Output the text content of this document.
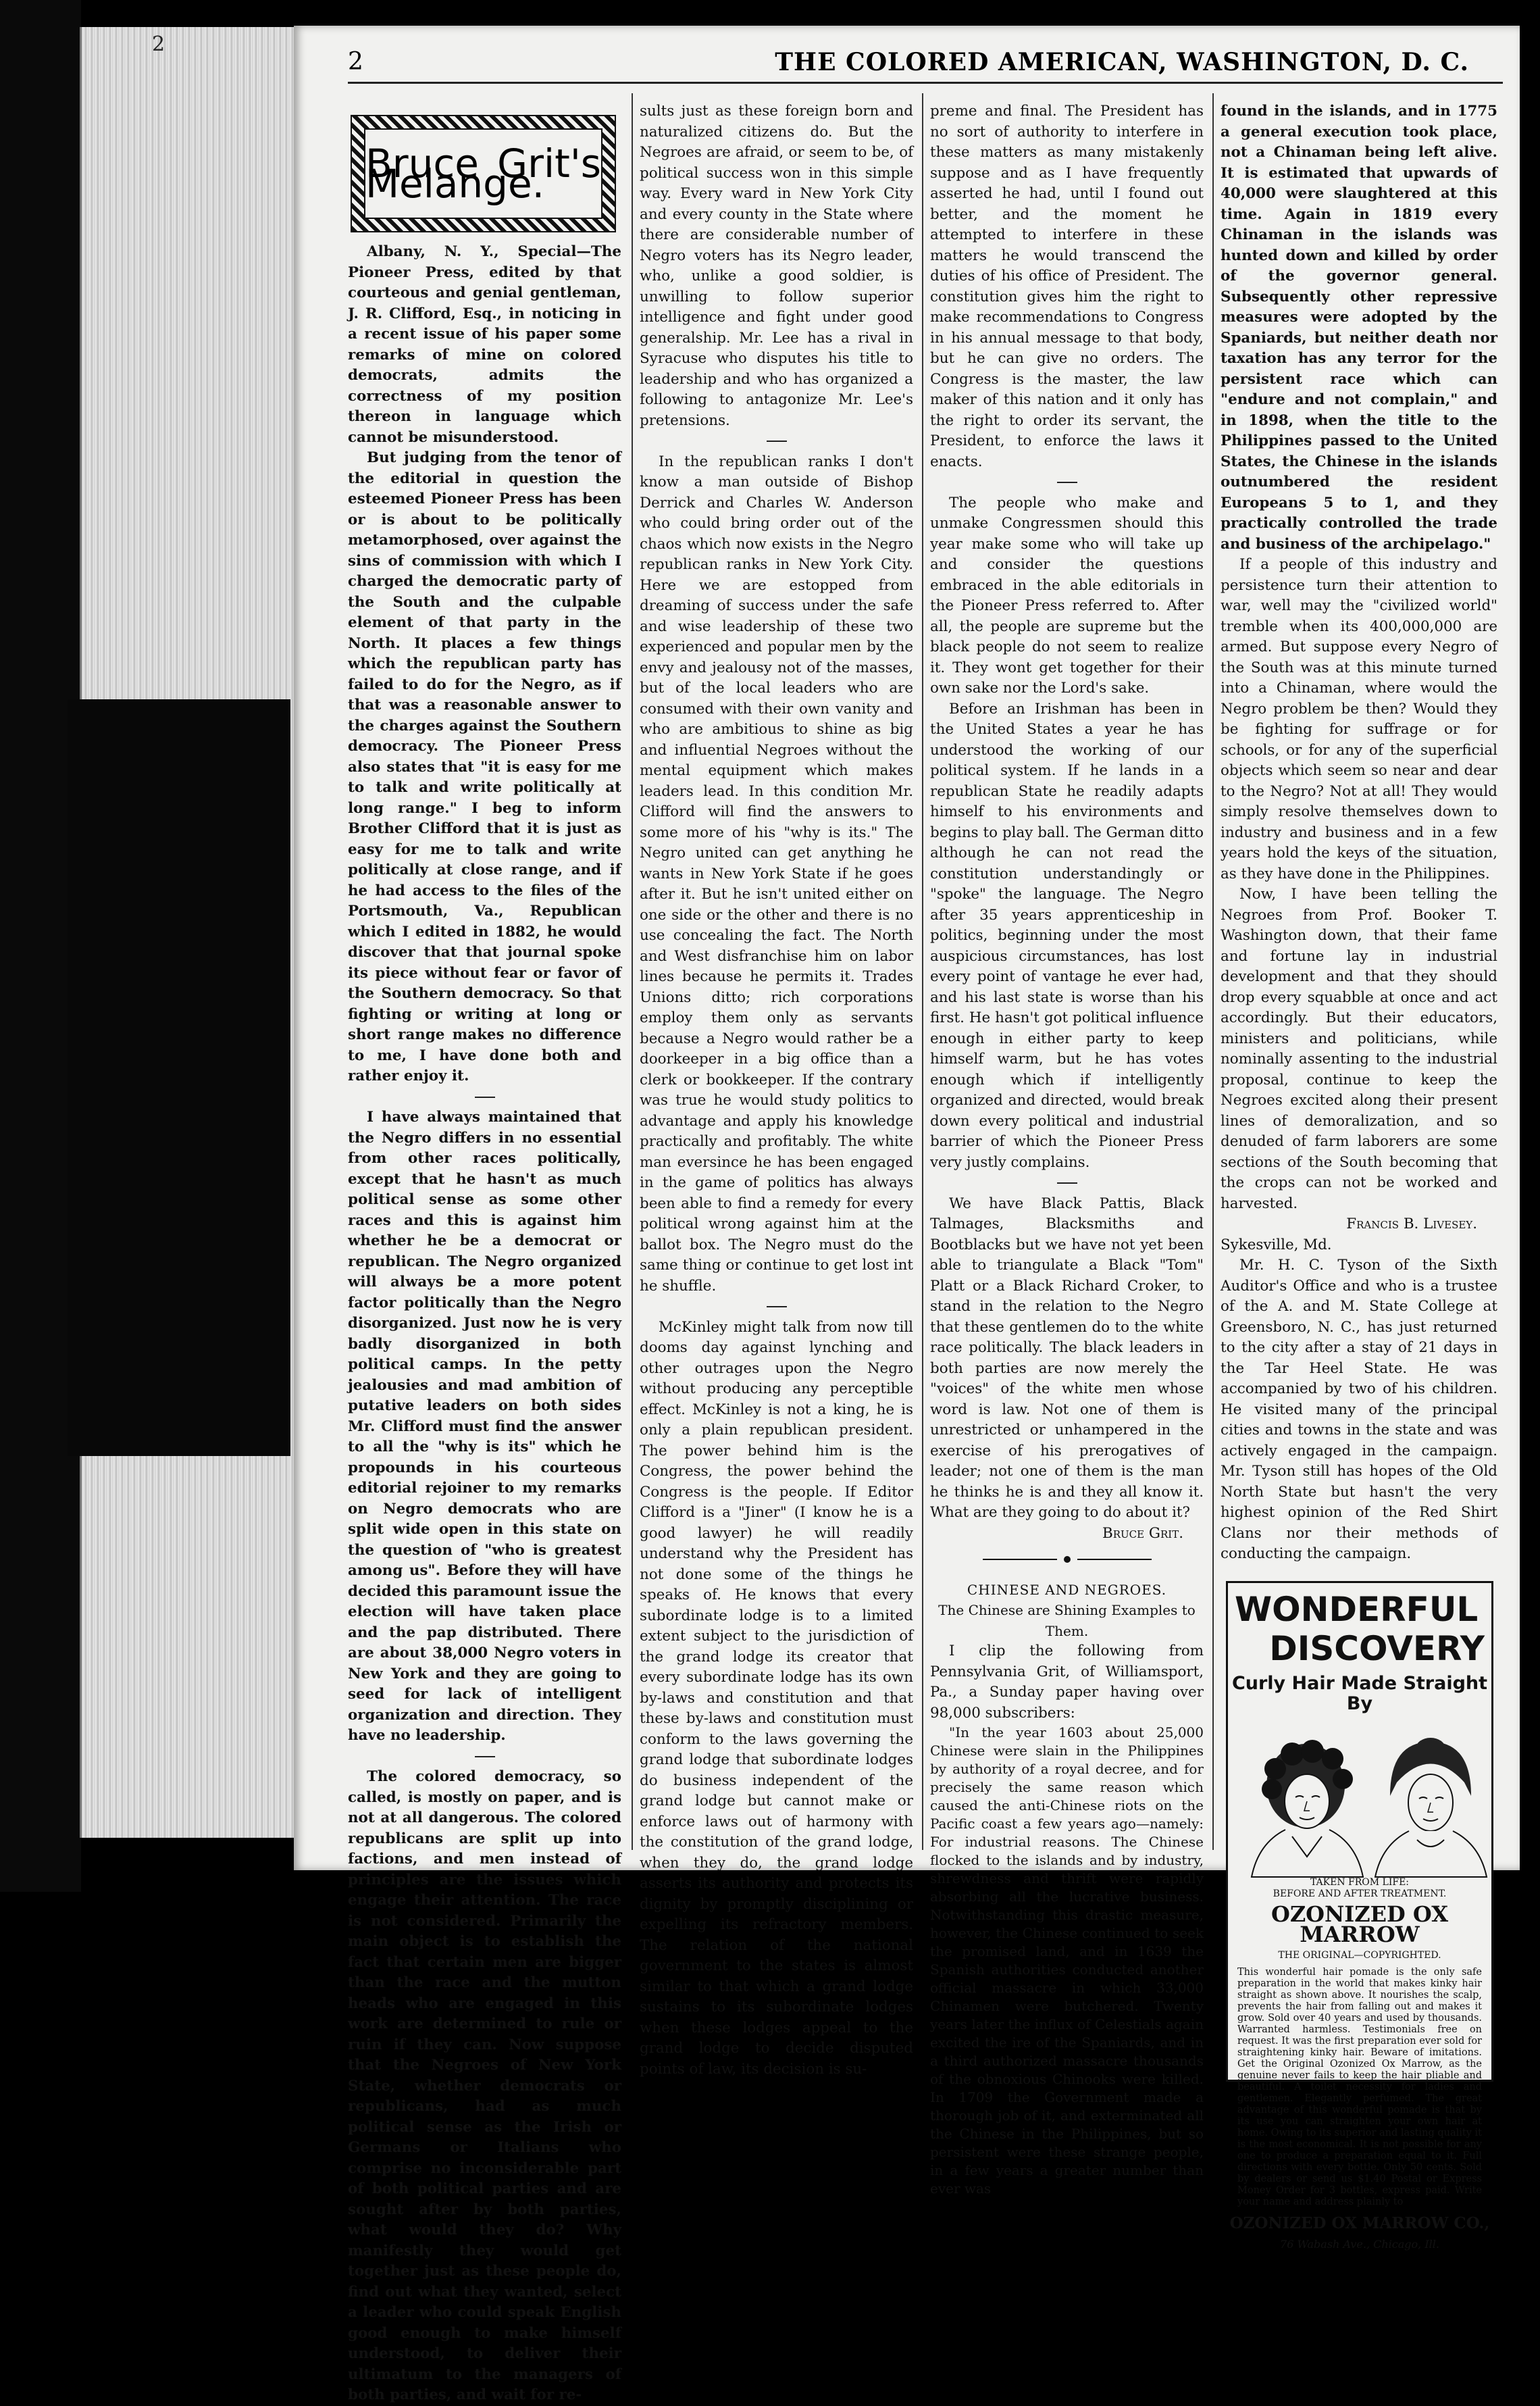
2
2	THE COLORED AMERICAN, WASHINGTON, D. C.
Bruce Grit's Melange.

Albany, N. Y., Special—The Pioneer Press, edited by that courteous and genial gentleman, J. R. Clifford, Esq., in noticing in a recent issue of his paper some remarks of mine on colored democrats, admits the correctness of my position thereon in language which cannot be misunderstood.

But judging from the tenor of the editorial in question the esteemed Pioneer Press has been or is about to be politically metamorphosed, over against the sins of commission with which I charged the democratic party of the South and the culpable element of that party in the North. It places a few things which the republican party has failed to do for the Negro, as if that was a reasonable answer to the charges against the Southern democracy. The Pioneer Press also states that "it is easy for me to talk and write politically at long range." I beg to inform Brother Clifford that it is just as easy for me to talk and write politically at close range, and if he had access to the files of the Portsmouth, Va., Republican which I edited in 1882, he would discover that that journal spoke its piece without fear or favor of the Southern democracy. So that fighting or writing at long or short range makes no difference to me, I have done both and rather enjoy it.

I have always maintained that the Negro differs in no essential from other races politically, except that he hasn't as much political sense as some other races and this is against him whether he be a democrat or republican. The Negro organized will always be a more potent factor politically than the Negro disorganized. Just now he is very badly disorganized in both political camps. In the petty jealousies and mad ambition of putative leaders on both sides Mr. Clifford must find the answer to all the "why is its" which he propounds in his courteous editorial rejoiner to my remarks on Negro democrats who are split wide open in this state on the question of "who is greatest among us". Before they will have decided this paramount issue the election will have taken place and the pap distributed. There are about 38,000 Negro voters in New York and they are going to seed for lack of intelligent organization and direction. They have no leadership.

The colored democracy, so called, is mostly on paper, and is not at all dangerous. The colored republicans are split up into factions, and men instead of principles are the issues which engage their attention. The race is not considered. Primarily the main object is to establish the fact that certain men are bigger than the race and the mutton heads who are engaged in this work are determined to rule or ruin if they can. Now suppose that the Negroes of New York State, whether democrats or republicans, had as much political sense as the Irish or Germans or Italians who comprise no inconsiderable part of both political parties and are sought after by both parties, what would they do? Why manifestly they would get together just as these people do, find out what they wanted, select a leader who could speak English good enough to make himself understood, to deliver their ultimatum to the managers of both parties, and wait for re-

sults just as these foreign born and naturalized citizens do. But the Negroes are afraid, or seem to be, of political success won in this simple way. Every ward in New York City and every county in the State where there are considerable number of Negro voters has its Negro leader, who, unlike a good soldier, is unwilling to follow superior intelligence and fight under good generalship. Mr. Lee has a rival in Syracuse who disputes his title to leadership and who has organized a following to antagonize Mr. Lee's pretensions.

In the republican ranks I don't know a man outside of Bishop Derrick and Charles W. Anderson who could bring order out of the chaos which now exists in the Negro republican ranks in New York City. Here we are estopped from dreaming of success under the safe and wise leadership of these two experienced and popular men by the envy and jealousy not of the masses, but of the local leaders who are consumed with their own vanity and who are ambitious to shine as big and influential Negroes without the mental equipment which makes leaders lead. In this condition Mr. Clifford will find the answers to some more of his "why is its." The Negro united can get anything he wants in New York State if he goes after it. But he isn't united either on one side or the other and there is no use concealing the fact. The North and West disfranchise him on labor lines because he permits it. Trades Unions ditto; rich corporations employ them only as servants because a Negro would rather be a doorkeeper in a big office than a clerk or bookkeeper. If the contrary was true he would study politics to advantage and apply his knowledge practically and profitably. The white man eversince he has been engaged in the game of politics has always been able to find a remedy for every political wrong against him at the ballot box. The Negro must do the same thing or continue to get lost int he shuffle.

McKinley might talk from now till dooms day against lynching and other outrages upon the Negro without producing any perceptible effect. McKinley is not a king, he is only a plain republican president. The power behind him is the Congress, the power behind the Congress is the people. If Editor Clifford is a "Jiner" (I know he is a good lawyer) he will readily understand why the President has not done some of the things he speaks of. He knows that every subordinate lodge is to a limited extent subject to the jurisdiction of the grand lodge its creator that every subordinate lodge has its own by-laws and constitution and that these by-laws and constitution must conform to the laws governing the grand lodge that subordinate lodges do business independent of the grand lodge but cannot make or enforce laws out of harmony with the constitution of the grand lodge, when they do, the grand lodge asserts its authority and protects its dignity by promptly disciplining or expelling its refractory members. The relation of the national government to the states is almost similar to that which a grand lodge sustains to its subordinate lodges when these lodges appeal to the grand lodge to decide disputed points of law, its decision is su-

preme and final. The President has no sort of authority to interfere in these matters as many mistakenly suppose and as I have frequently asserted he had, until I found out better, and the moment he attempted to interfere in these matters he would transcend the duties of his office of President. The constitution gives him the right to make recommendations to Congress in his annual message to that body, but he can give no orders. The Congress is the master, the law maker of this nation and it only has the right to order its servant, the President, to enforce the laws it enacts.

The people who make and unmake Congressmen should this year make some who will take up and consider the questions embraced in the able editorials in the Pioneer Press referred to. After all, the people are supreme but the black people do not seem to realize it. They wont get together for their own sake nor the Lord's sake.

Before an Irishman has been in the United States a year he has understood the working of our political system. If he lands in a republican State he readily adapts himself to his environments and begins to play ball. The German ditto although he can not read the constitution understandingly or "spoke" the language. The Negro after 35 years apprenticeship in politics, beginning under the most auspicious circumstances, has lost every point of vantage he ever had, and his last state is worse than his first. He hasn't got political influence enough in either party to keep himself warm, but he has votes enough which if intelligently organized and directed, would break down every political and industrial barrier of which the Pioneer Press very justly complains.

We have Black Pattis, Black Talmages, Blacksmiths and Bootblacks but we have not yet been able to triangulate a Black "Tom" Platt or a Black Richard Croker, to stand in the relation to the Negro that these gentlemen do to the white race politically. The black leaders in both parties are now merely the "voices" of the white men whose word is law. Not one of them is unrestricted or unhampered in the exercise of his prerogatives of leader; not one of them is the man he thinks he is and they all know it. What are they going to do about it?

Bruce Grit.

CHINESE AND NEGROES.

The Chinese are Shining Examples to Them.

I clip the following from Pennsylvania Grit, of Williamsport, Pa., a Sunday paper having over 98,000 subscribers:

"In the year 1603 about 25,000 Chinese were slain in the Philippines by authority of a royal decree, and for precisely the same reason which caused the anti-Chinese riots on the Pacific coast a few years ago—namely: For industrial reasons. The Chinese flocked to the islands and by industry, shrewdness and thrift were rapidly absorbing all the lucrative business. Notwithstanding this drastic measure, however, the Chinese continued to seek the promised land, and in 1639 the Spanish authorities conducted another official massacre in which 33,000 Chinamen were butchered. Twenty years later the influx of Celestials again excited the ire of the Spaniards, and in a third authorized massacre thousands of the obnoxious Chinooks were killed. In 1709 the Government made a thorough job of it, and exterminated all the Chinese in the Philippines, but so persistent were these strange people, in a few years a greater number than ever was

found in the islands, and in 1775 a general execution took place, not a Chinaman being left alive. It is estimated that upwards of 40,000 were slaughtered at this time. Again in 1819 every Chinaman in the islands was hunted down and killed by order of the governor general. Subsequently other repressive measures were adopted by the Spaniards, but neither death nor taxation has any terror for the persistent race which can "endure and not complain," and in 1898, when the title to the Philippines passed to the United States, the Chinese in the islands outnumbered the resident Europeans 5 to 1, and they practically controlled the trade and business of the archipelago."

If a people of this industry and persistence turn their attention to war, well may the "civilized world" tremble when its 400,000,000 are armed. But suppose every Negro of the South was at this minute turned into a Chinaman, where would the Negro problem be then? Would they be fighting for suffrage or for schools, or for any of the superficial objects which seem so near and dear to the Negro? Not at all! They would simply resolve themselves down to industry and business and in a few years hold the keys of the situation, as they have done in the Philippines.

Now, I have been telling the Negroes from Prof. Booker T. Washington down, that their fame and fortune lay in industrial development and that they should drop every squabble at once and act accordingly. But their educators, ministers and politicians, while nominally assenting to the industrial proposal, continue to keep the Negroes excited along their present lines of demoralization, and so denuded of farm laborers are some sections of the South becoming that the crops can not be worked and harvested.

Francis B. Livesey.

Sykesville, Md.

Mr. H. C. Tyson of the Sixth Auditor's Office and who is a trustee of the A. and M. State College at Greensboro, N. C., has just returned to the city after a stay of 21 days in the Tar Heel State. He was accompanied by two of his children. He visited many of the principal cities and towns in the state and was actively engaged in the campaign. Mr. Tyson still has hopes of the Old North State but hasn't the very highest opinion of the Red Shirt Clans nor their methods of conducting the campaign.

WONDERFUL
DISCOVERY
Curly Hair Made Straight By
TAKEN FROM LIFE:
BEFORE AND AFTER TREATMENT.
OZONIZED OX MARROW
THE ORIGINAL—COPYRIGHTED.
This wonderful hair pomade is the only safe preparation in the world that makes kinky hair straight as shown above. It nourishes the scalp, prevents the hair from falling out and makes it grow. Sold over 40 years and used by thousands. Warranted harmless. Testimonials free on request. It was the first preparation ever sold for straightening kinky hair. Beware of imitations. Get the Original Ozonized Ox Marrow, as the genuine never fails to keep the hair pliable and beautiful. A toilet necessity for ladies and gentlemen. Elegantly perfumed. The great advantage of this wonderful pomade is that by its use you can straighten your own hair at home. Owing to its superior and lasting quality it is the most economical. It is not possible for any one to produce a preparation equal to it. Full directions with every bottle. Only 50 cents. Sold by dealers or send us $1.40 Postal or Express Money Order for 3 bottles, express paid. Write your name and address plainly to
OZONIZED OX MARROW CO.,
76 Wabash Ave., Chicago, Ill.
